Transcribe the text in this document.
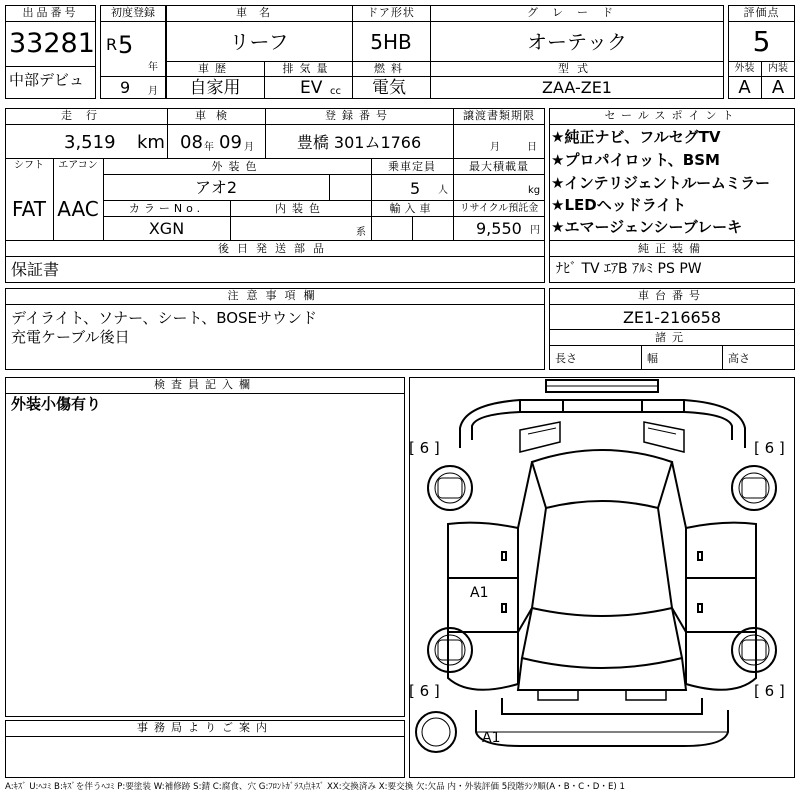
出品番号
33281
中部デビュ
初度登録
R 5
年
9 月
車名
リーフ
ドア形状
5HB
グレード
オーテック
車歴
自家用
排気量
EV cc
燃料
電気
型式
ZAA-ZE1
評価点
5
外装	内装
A	A
走行
3,519 km
車検
08 年 09 月
登録番号
豊橋 301ム1766
譲渡書類期限
月	日
シフト	エアコン
FAT AAC
外装色
アオ2
乗車定員
5 人
最大積載量
kg
カラーNo.
XGN
内装色
系
輸入車	リサイクル預託金
9,550 円
後日発送部品
保証書
セールスポイント
★純正ナビ、フルセグTV
★プロパイロット、BSM
★インテリジェントルームミラー
★LEDヘッドライト
★エマージェンシーブレーキ
純正装備
ﾅﾋﾞ TV ｴｱB ｱﾙﾐ PS PW
注意事項欄
デイライト、ソナー、シート、BOSEサウンド
充電ケーブル後日
車台番号
ZE1-216658
諸元
長さ	幅	高さ
検査員記入欄
外装小傷有り
事務局よりご案内
[ 6 ]	[ 6 ]
[ 6 ]	[ 6 ]
A1
A1
A:ｷｽﾞ U:ﾍｺﾐ B:ｷｽﾞを伴うﾍｺﾐ P:要塗装 W:補修跡 S:錆 C:腐食、穴 G:ﾌﾛﾝﾄｶﾞﾗｽ点ｷｽﾞ XX:交換済み X:要交換 欠:欠品 内・外装評価 5段階ﾗﾝｸ順(A・B・C・D・E) 1
